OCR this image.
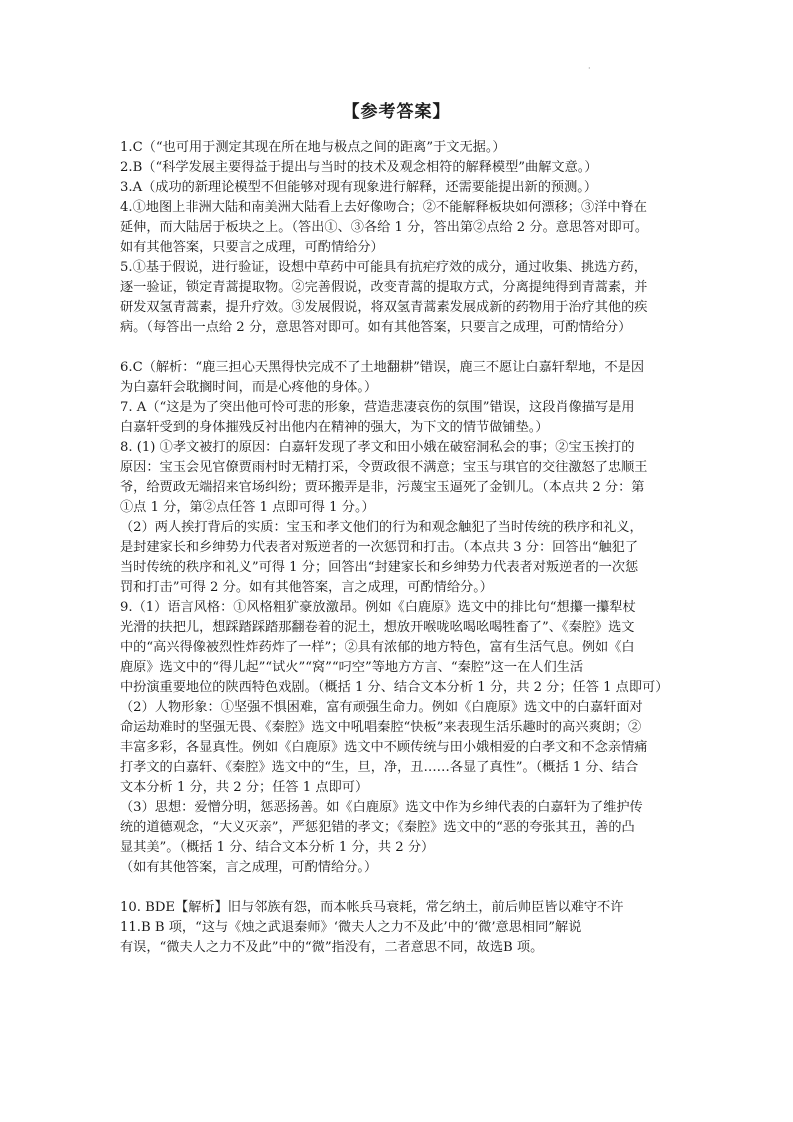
·
【参考答案】
1.C（“也可用于测定其现在所在地与极点之间的距离”于文无据。）
2.B（“科学发展主要得益于提出与当时的技术及观念相符的解释模型”曲解文意。）
3.A（成功的新理论模型不但能够对现有现象进行解释，还需要能提出新的预测。）
4.①地图上非洲大陆和南美洲大陆看上去好像吻合；②不能解释板块如何漂移；③洋中脊在
延伸，而大陆居于板块之上。（答出①、③各给 1 分，答出第②点给 2 分。意思答对即可。
如有其他答案，只要言之成理，可酌情给分）
5.①基于假说，进行验证，设想中草药中可能具有抗疟疗效的成分，通过收集、挑选方药，
逐一验证，锁定青蒿提取物。②完善假说，改变青蒿的提取方式，分离提纯得到青蒿素，并
研发双氢青蒿素，提升疗效。③发展假说，将双氢青蒿素发展成新的药物用于治疗其他的疾
病。（每答出一点给 2 分，意思答对即可。如有其他答案，只要言之成理，可酌情给分）
6.C（解析：“鹿三担心天黑得快完成不了土地翻耕”错误，鹿三不愿让白嘉轩犁地，不是因
为白嘉轩会耽搁时间，而是心疼他的身体。）
7. A（“这是为了突出他可怜可悲的形象，营造悲凄哀伤的氛围”错误，这段肖像描写是用
白嘉轩受到的身体摧残反衬出他内在精神的强大，为下文的情节做铺垫。）
8. (1) ①孝文被打的原因：白嘉轩发现了孝文和田小娥在破窑洞私会的事；②宝玉挨打的
原因：宝玉会见官僚贾雨村时无精打采，令贾政很不满意；宝玉与琪官的交往激怒了忠顺王
爷，给贾政无端招来官场纠纷；贾环搬弄是非，污蔑宝玉逼死了金钏儿。（本点共 2 分：第
①点 1 分，第②点任答 1 点即可得 1 分。）
（2）两人挨打背后的实质：宝玉和孝文他们的行为和观念触犯了当时传统的秩序和礼义，
是封建家长和乡绅势力代表者对叛逆者的一次惩罚和打击。（本点共 3 分：回答出“触犯了
当时传统的秩序和礼义”可得 1 分；回答出“封建家长和乡绅势力代表者对叛逆者的一次惩
罚和打击”可得 2 分。如有其他答案，言之成理，可酌情给分。）
9.（1）语言风格：①风格粗犷豪放激昂。例如《白鹿原》选文中的排比句“想攥一攥犁杖
光滑的扶把儿，想踩踏踩踏那翻卷着的泥土，想放开喉咙吆喝吆喝牲畜了”、《秦腔》选文
中的“高兴得像被烈性炸药炸了一样”；②具有浓郁的地方特色，富有生活气息。例如《白
鹿原》选文中的“得儿起”“试火”“窝”“叼空”等地方方言、“秦腔”这一在人们生活
中扮演重要地位的陕西特色戏剧。（概括 1 分、结合文本分析 1 分，共 2 分；任答 1 点即可）
（2）人物形象：①坚强不惧困难，富有顽强生命力。例如《白鹿原》选文中的白嘉轩面对
命运劫难时的坚强无畏、《秦腔》选文中吼唱秦腔“快板”来表现生活乐趣时的高兴爽朗；②
丰富多彩，各显真性。例如《白鹿原》选文中不顾传统与田小娥相爱的白孝文和不念亲情痛
打孝文的白嘉轩、《秦腔》选文中的“生，旦，净，丑……各显了真性”。（概括 1 分、结合
文本分析 1 分，共 2 分；任答 1 点即可）
（3）思想：爱憎分明，惩恶扬善。如《白鹿原》选文中作为乡绅代表的白嘉轩为了维护传
统的道德观念，“大义灭亲”，严惩犯错的孝文；《秦腔》选文中的“恶的夸张其丑，善的凸
显其美”。（概括 1 分、结合文本分析 1 分，共 2 分）
（如有其他答案，言之成理，可酌情给分。）
10. BDE【解析】旧与邻族有怨，而本帐兵马衰耗，常乞纳土，前后帅臣皆以难守不许
11.B B 项，“这与《烛之武退秦师》‘微夫人之力不及此’中的‘微’意思相同”解说
有误，“微夫人之力不及此”中的“微”指没有，二者意思不同，故选B 项。
